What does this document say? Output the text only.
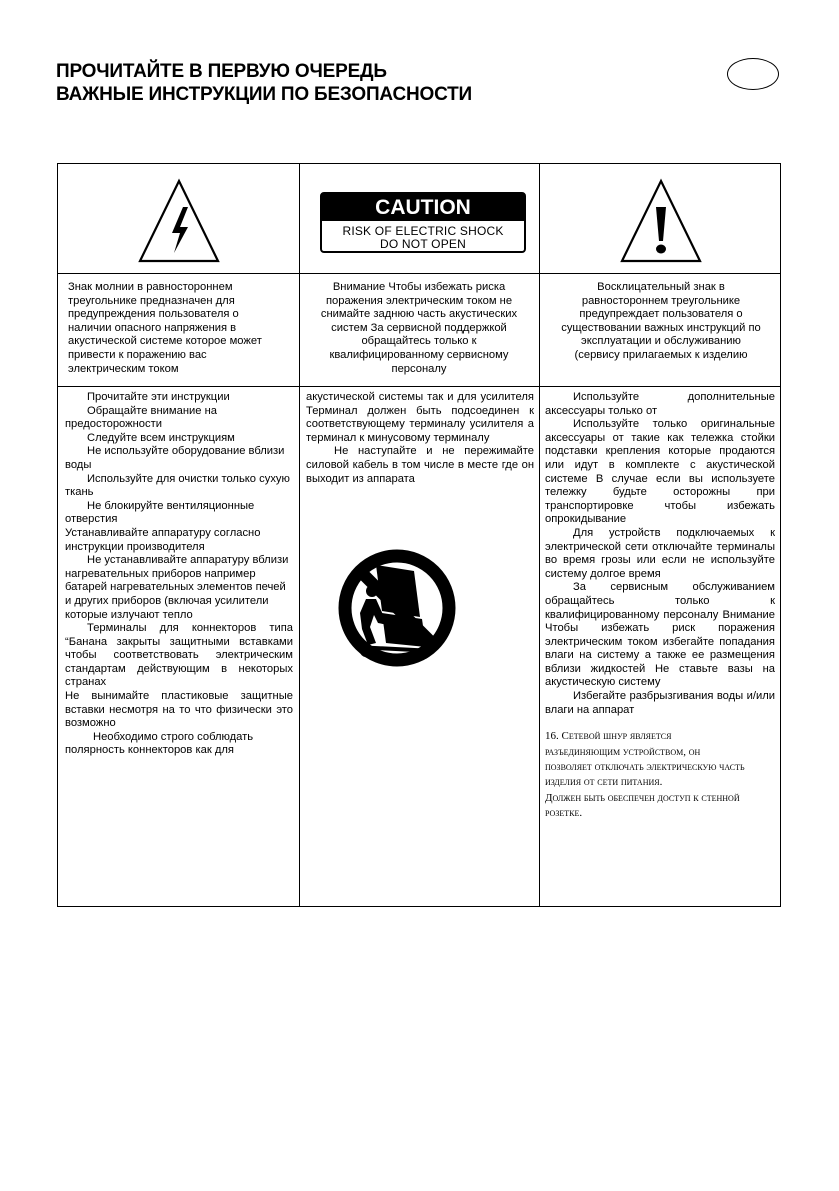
ПРОЧИТАЙТЕ В ПЕРВУЮ ОЧЕРЕДЬ
ВАЖНЫЕ ИНСТРУКЦИИ ПО БЕЗОПАСНОСТИ
CAUTION
RISK OF ELECTRIC SHOCK
DO NOT OPEN
Знак молнии в равностороннем
треугольнике предназначен для
предупреждения пользователя о
наличии опасного напряжения в
акустической системе которое может
привести к поражению вас
электрическим током
Внимание Чтобы избежать риска
поражения электрическим током не
снимайте заднюю часть акустических
систем За сервисной поддержкой
обращайтесь только к
квалифицированному сервисному
персоналу
Восклицательный знак в
равностороннем треугольнике
предупреждает пользователя о
существовании важных инструкций по
эксплуатации и обслуживанию
(сервису прилагаемых к изделию

Прочитайте эти инструкции

Обращайте внимание на предосторожности

Следуйте всем инструкциям

Не используйте оборудование вблизи воды

Используйте для очистки только сухую ткань

Не блокируйте вентиляционные отверстия

Устанавливайте аппаратуру согласно инструкции производителя

Не устанавливайте аппаратуру вблизи нагревательных приборов например батарей нагревательных элементов печей и других приборов (включая усилители которые излучают тепло

Терминалы для коннекторов типа “Банана закрыты защитными вставками чтобы соответствовать электрическим стандартам действующим в некоторых странах

Не вынимайте пластиковые защитные вставки несмотря на то что физически это возможно

Необходимо строго соблюдать полярность коннекторов как для

акустической системы так и для усилителя Терминал должен быть подсоединен к соответствующему терминалу усилителя а терминал к минусовому терминалу

Не наступайте и не пережимайте силовой кабель в том числе в месте где он выходит из аппарата

Используйте дополнительные аксессуары только от

Используйте только оригинальные аксессуары от такие как тележка стойки подставки крепления которые продаются или идут в комплекте с акустической системе В случае если вы используете тележку будьте осторожны при транспортировке чтобы избежать опрокидывание

Для устройств подключаемых к электрической сети отключайте терминалы во время грозы или если не используйте систему долгое время

За сервисным обслуживанием обращайтесь только к квалифицированному персоналу Внимание Чтобы избежать риск поражения электрическим током избегайте попадания влаги на систему а также ее размещения вблизи жидкостей Не ставьте вазы на акустическую систему

Избегайте разбрызгивания воды и/или влаги на аппарат

16. Сетевой шнур является
разъединяющим устройством, он
позволяет отключать электрическую часть
изделия от сети питания.
Должен быть обеспечен доступ к стенной
розетке.
